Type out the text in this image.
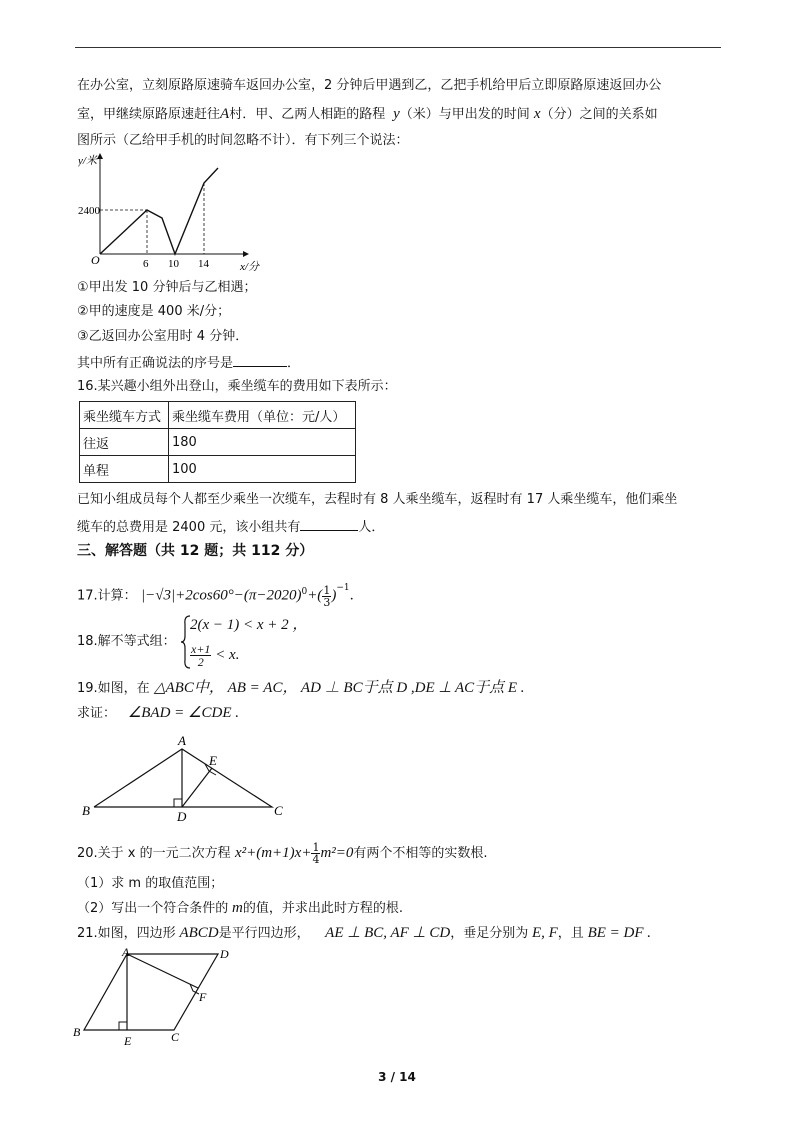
在办公室，立刻原路原速骑车返回办公室，2 分钟后甲遇到乙，乙把手机给甲后立即原路原速返回办公
室，甲继续原路原速赶往A村．甲、乙两人相距的路程 y（米）与甲出发的时间 x（分）之间的关系如
图所示（乙给甲手机的时间忽略不计）．有下列三个说法：
y/米
2400
O	6 10 14	x/分
①甲出发 10 分钟后与乙相遇；
②甲的速度是 400 米/分；
③乙返回办公室用时 4 分钟．
其中所有正确说法的序号是	．
16.某兴趣小组外出登山，乘坐缆车的费用如下表所示：
乘坐缆车方式	乘坐缆车费用（单位：元/人）
往返	180
单程	100
已知小组成员每个人都至少乘坐一次缆车，去程时有 8 人乘坐缆车，返程时有 17 人乘坐缆车，他们乘坐
缆车的总费用是 2400 元，该小组共有	人．
三、解答题（共 12 题；共 112 分）
17.计算： $|-√3|+2\cos 60^\circ-(\pi-2020)^0+( \frac{1}{3} )^{-1}$．
18.解不等式组：
2(x − 1) < x + 2 ，
$\frac{x+1}{2} < x$.
19.如图，在 △ABC中， AB = AC， AD ⊥ BC于点 D ,DE ⊥ AC于点 E .
求证： ∠BAD = ∠CDE .
A
B	C
D
E
20.关于 x 的一元二次方程 $x^2+(m+1)x+ \frac{1}{4} m^2=0$有两个不相等的实数根.
（1）求 m 的取值范围；
（2）写出一个符合条件的 m的值，并求出此时方程的根.
21.如图，四边形 ABCD是平行四边形， AE ⊥ BC, AF ⊥ CD，垂足分别为 E, F，且 BE = DF .
A	D
B	C
E
F
3 / 14
